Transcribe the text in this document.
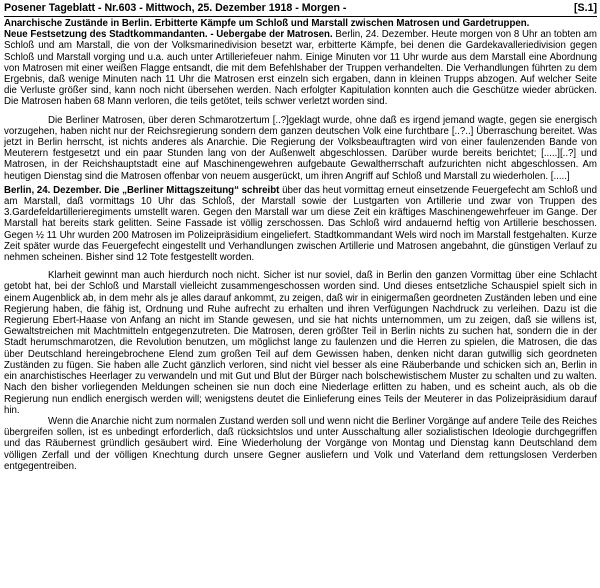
Posener Tageblatt - Nr.603 - Mittwoch, 25. Dezember 1918 - Morgen -	[S.1]
Anarchische Zustände in Berlin. Erbitterte Kämpfe um Schloß und Marstall zwischen Matrosen und Gardetruppen.

Neue Festsetzung des Stadtkommandanten. - Uebergabe der Matrosen. Berlin, 24. Dezember. Heute morgen von 8 Uhr an tobten am Schloß und am Marstall, die von der Volksmarinedivision besetzt war, erbitterte Kämpfe, bei denen die Gardekavalleriedivision gegen Schloß und Marstall vorging und u.a. auch unter Artilleriefeuer nahm. Einige Minuten vor 11 Uhr wurde aus dem Marstall eine Abordnung von Matrosen mit einer weißen Flagge entsandt, die mit dem Befehlshaber der Truppen verhandelten. Die Verhandlungen führten zu dem Ergebnis, daß wenige Minuten nach 11 Uhr die Matrosen erst einzeln sich ergaben, dann in kleinen Trupps abzogen. Auf welcher Seite die Verluste größer sind, kann noch nicht übersehen werden. Nach erfolgter Kapitulation konnten auch die Geschütze wieder abrücken. Die Matrosen haben 68 Mann verloren, die teils getötet, teils schwer verletzt worden sind.

Die Berliner Matrosen, über deren Schmarotzertum [..?]geklagt wurde, ohne daß es irgend jemand wagte, gegen sie energisch vorzugehen, haben nicht nur der Reichsregierung sondern dem ganzen deutschen Volk eine furchtbare [..?..] Überraschung bereitet. Was jetzt in Berlin herrscht, ist nichts anderes als Anarchie. Die Regierung der Volksbeauftragten wird von einer faulenzenden Bande von Meuterern festgesetzt und ein paar Stunden lang von der Außenwelt abgeschlossen. Darüber wurde bereits berichtet; [.....][..?] und Matrosen, in der Reichshauptstadt eine auf Maschinengewehren aufgebaute Gewaltherrschaft aufzurichten nicht abgeschlossen. Am heutigen Dienstag sind die Matrosen offenbar von neuem ausgerückt, um ihren Angriff auf Schloß und Marstall zu wiederholen. [.....]

Berlin, 24. Dezember. Die „Berliner Mittagszeitung“ schreibt über das heut vormittag erneut einsetzende Feuergefecht am Schloß und am Marstall, daß vormittags 10 Uhr das Schloß, der Marstall sowie der Lustgarten von Artillerie und zwar von Truppen des 3.Gardefeldartillerieregiments umstellt waren. Gegen den Marstall war um diese Zeit ein kräftiges Maschinengewehrfeuer im Gange. Der Marstall hat bereits stark gelitten. Seine Fassade ist völlig zerschossen. Das Schloß wird andauernd heftig von Artillerie beschossen. Gegen ½ 11 Uhr wurden 200 Matrosen im Polizeipräsidium eingeliefert. Stadtkommandant Wels wird noch im Marstall festgehalten. Kurze Zeit später wurde das Feuergefecht eingestellt und Verhandlungen zwischen Artillerie und Matrosen angebahnt, die günstigen Verlauf zu nehmen scheinen. Bisher sind 12 Tote festgestellt worden.

Klarheit gewinnt man auch hierdurch noch nicht. Sicher ist nur soviel, daß in Berlin den ganzen Vormittag über eine Schlacht getobt hat, bei der Schloß und Marstall vielleicht zusammengeschossen worden sind. Und dieses entsetzliche Schauspiel spielt sich in einem Augenblick ab, in dem mehr als je alles darauf ankommt, zu zeigen, daß wir in einigermaßen geordneten Zuständen leben und eine Regierung haben, die fähig ist, Ordnung und Ruhe aufrecht zu erhalten und ihren Verfügungen Nachdruck zu verleihen. Dazu ist die Regierung Ebert-Haase von Anfang an nicht im Stande gewesen, und sie hat nichts unternommen, um zu zeigen, daß sie willens ist, Gewaltstreichen mit Machtmitteln entgegenzutreten. Die Matrosen, deren größter Teil in Berlin nichts zu suchen hat, sondern die in der Stadt herumschmarotzen, die Revolution benutzen, um möglichst lange zu faulenzen und die Herren zu spielen, die Matrosen, die das über Deutschland hereingebrochene Elend zum großen Teil auf dem Gewissen haben, denken nicht daran gutwillig sich geordneten Zuständen zu fügen. Sie haben alle Zucht gänzlich verloren, sind nicht viel besser als eine Räuberbande und schicken sich an, Berlin in ein anarchistisches Heerlager zu verwandeln und mit Gut und Blut der Bürger nach bolschewistischem Muster zu schalten und zu walten. Nach den bisher vorliegenden Meldungen scheinen sie nun doch eine Niederlage erlitten zu haben, und es scheint auch, als ob die Regierung nun endlich energisch werden will; wenigstens deutet die Einlieferung eines Teils der Meuterer in das Polizeipräsidium darauf hin.

Wenn die Anarchie nicht zum normalen Zustand werden soll und wenn nicht die Berliner Vorgänge auf andere Teile des Reiches übergreifen sollen, ist es unbedingt erforderlich, daß rücksichtslos und unter Ausschaltung aller sozialistischen Ideologie durchgegriffen und das Räubernest gründlich gesäubert wird. Eine Wiederholung der Vorgänge von Montag und Dienstag kann Deutschland dem völligen Zerfall und der völligen Knechtung durch unsere Gegner ausliefern und Volk und Vaterland dem rettungslosen Verderben entgegentreiben.
